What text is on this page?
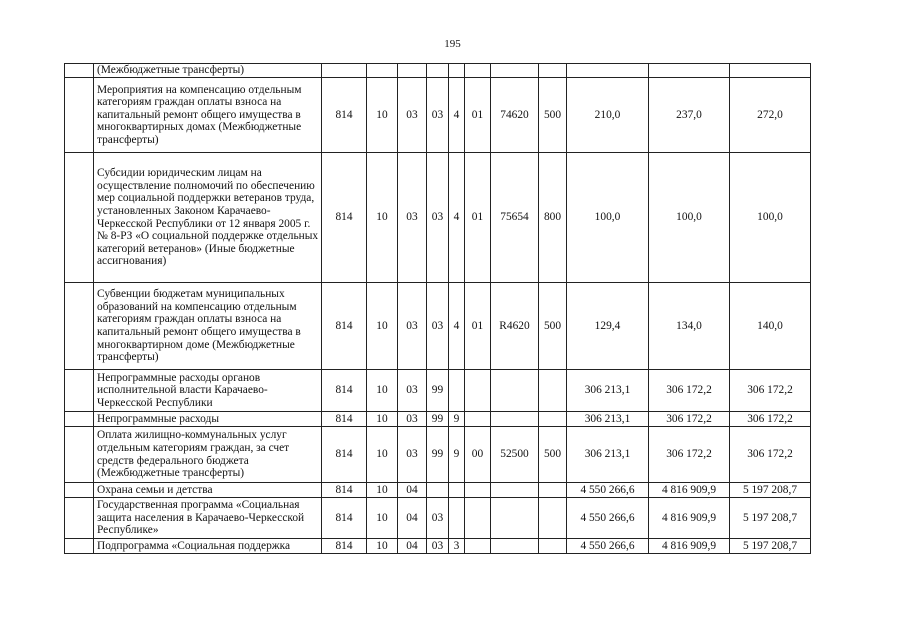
195
	(Межбюджетные трансферты)											
	Мероприятия на компенсацию отдельным категориям граждан оплаты взноса на капитальный ремонт общего имущества в многоквартирных домах (Межбюджетные трансферты)	814	10	03	03	4	01	74620	500	210,0	237,0	272,0
	Субсидии юридическим лицам на осуществление полномочий по обеспечению мер социальной поддержки ветеранов труда, установленных Законом Карачаево-Черкесской Республики от 12 января 2005 г. № 8-РЗ «О социальной поддержке отдельных категорий ветеранов» (Иные бюджетные ассигнования)	814	10	03	03	4	01	75654	800	100,0	100,0	100,0
	Субвенции бюджетам муниципальных образований на компенсацию отдельным категориям граждан оплаты взноса на капитальный ремонт общего имущества в многоквартирном доме (Межбюджетные трансферты)	814	10	03	03	4	01	R4620	500	129,4	134,0	140,0
	Непрограммные расходы органов исполнительной власти Карачаево-Черкесской Республики	814	10	03	99					306 213,1	306 172,2	306 172,2
	Непрограммные расходы	814	10	03	99	9				306 213,1	306 172,2	306 172,2
	Оплата жилищно-коммунальных услуг отдельным категориям граждан, за счет средств федерального бюджета (Межбюджетные трансферты)	814	10	03	99	9	00	52500	500	306 213,1	306 172,2	306 172,2
	Охрана семьи и детства	814	10	04						4 550 266,6	4 816 909,9	5 197 208,7
	Государственная программа «Социальная защита населения в Карачаево-Черкесской Республике»	814	10	04	03					4 550 266,6	4 816 909,9	5 197 208,7
	Подпрограмма «Социальная поддержка	814	10	04	03	3				4 550 266,6	4 816 909,9	5 197 208,7
